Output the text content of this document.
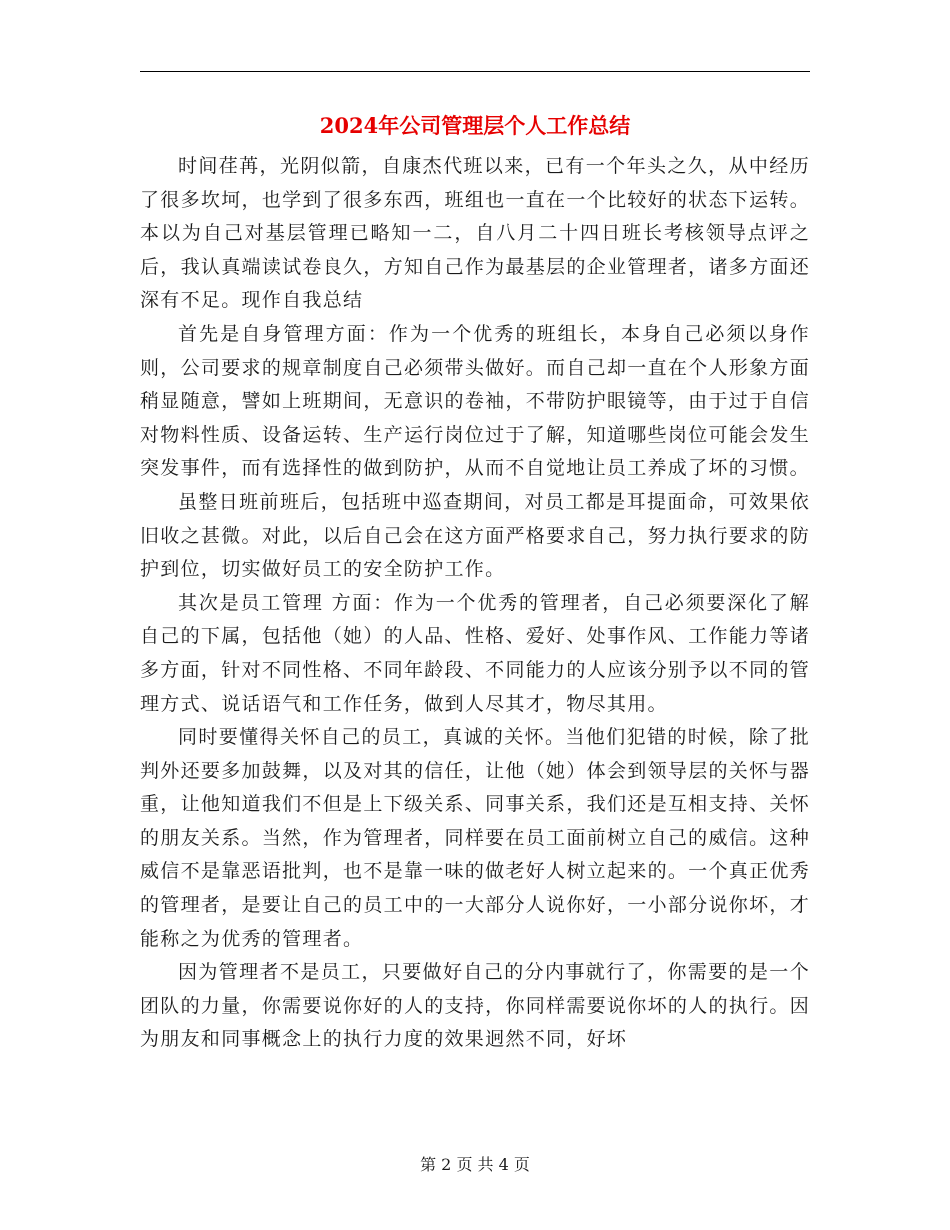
2024年公司管理层个人工作总结

时间荏苒，光阴似箭，自康杰代班以来，已有一个年头之久，从中经历了很多坎坷，也学到了很多东西，班组也一直在一个比较好的状态下运转。本以为自己对基层管理已略知一二，自八月二十四日班长考核领导点评之后，我认真端读试卷良久，方知自己作为最基层的企业管理者，诸多方面还深有不足。现作自我总结

首先是自身管理方面：作为一个优秀的班组长，本身自己必须以身作则，公司要求的规章制度自己必须带头做好。而自己却一直在个人形象方面稍显随意，譬如上班期间，无意识的卷袖，不带防护眼镜等，由于过于自信对物料性质、设备运转、生产运行岗位过于了解，知道哪些岗位可能会发生突发事件，而有选择性的做到防护，从而不自觉地让员工养成了坏的习惯。

虽整日班前班后，包括班中巡查期间，对员工都是耳提面命，可效果依旧收之甚微。对此，以后自己会在这方面严格要求自己，努力执行要求的防护到位，切实做好员工的安全防护工作。

其次是员工管理 方面：作为一个优秀的管理者，自己必须要深化了解自己的下属，包括他（她）的人品、性格、爱好、处事作风、工作能力等诸多方面，针对不同性格、不同年龄段、不同能力的人应该分别予以不同的管理方式、说话语气和工作任务，做到人尽其才，物尽其用。

同时要懂得关怀自己的员工，真诚的关怀。当他们犯错的时候，除了批判外还要多加鼓舞，以及对其的信任，让他（她）体会到领导层的关怀与器重，让他知道我们不但是上下级关系、同事关系，我们还是互相支持、关怀的朋友关系。当然，作为管理者，同样要在员工面前树立自己的威信。这种威信不是靠恶语批判，也不是靠一味的做老好人树立起来的。一个真正优秀的管理者，是要让自己的员工中的一大部分人说你好，一小部分说你坏，才能称之为优秀的管理者。

因为管理者不是员工，只要做好自己的分内事就行了，你需要的是一个团队的力量，你需要说你好的人的支持，你同样需要说你坏的人的执行。因为朋友和同事概念上的执行力度的效果迥然不同，好坏

第 2 页 共 4 页
